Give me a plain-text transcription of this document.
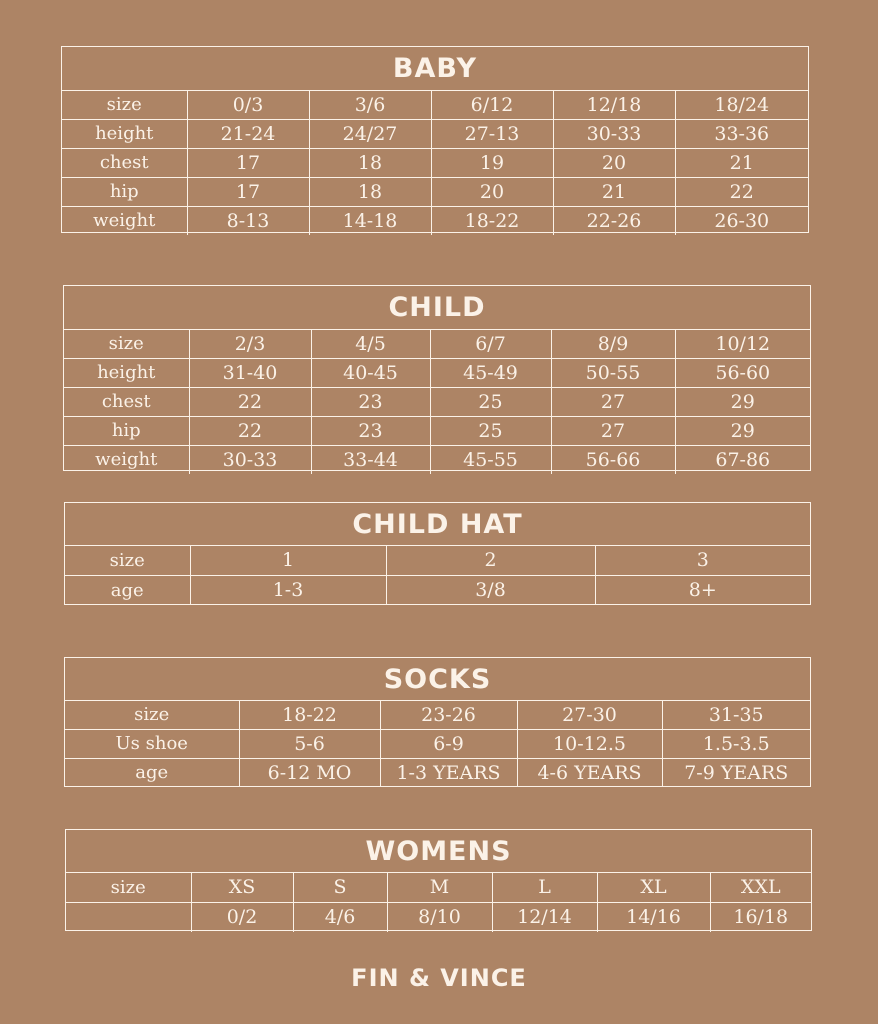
BABY
size	0/3	3/6	6/12	12/18	18/24
height	21-24	24/27	27-13	30-33	33-36
chest	17	18	19	20	21
hip	17	18	20	21	22
weight	8-13	14-18	18-22	22-26	26-30
CHILD
size	2/3	4/5	6/7	8/9	10/12
height	31-40	40-45	45-49	50-55	56-60
chest	22	23	25	27	29
hip	22	23	25	27	29
weight	30-33	33-44	45-55	56-66	67-86
CHILD HAT
size	1	2	3
age	1-3	3/8	8+
SOCKS
size	18-22	23-26	27-30	31-35
Us shoe	5-6	6-9	10-12.5	1.5-3.5
age	6-12 MO	1-3 YEARS	4-6 YEARS	7-9 YEARS
WOMENS
size	XS	S	M	L	XL	XXL
	0/2	4/6	8/10	12/14	14/16	16/18
FIN & VINCE
